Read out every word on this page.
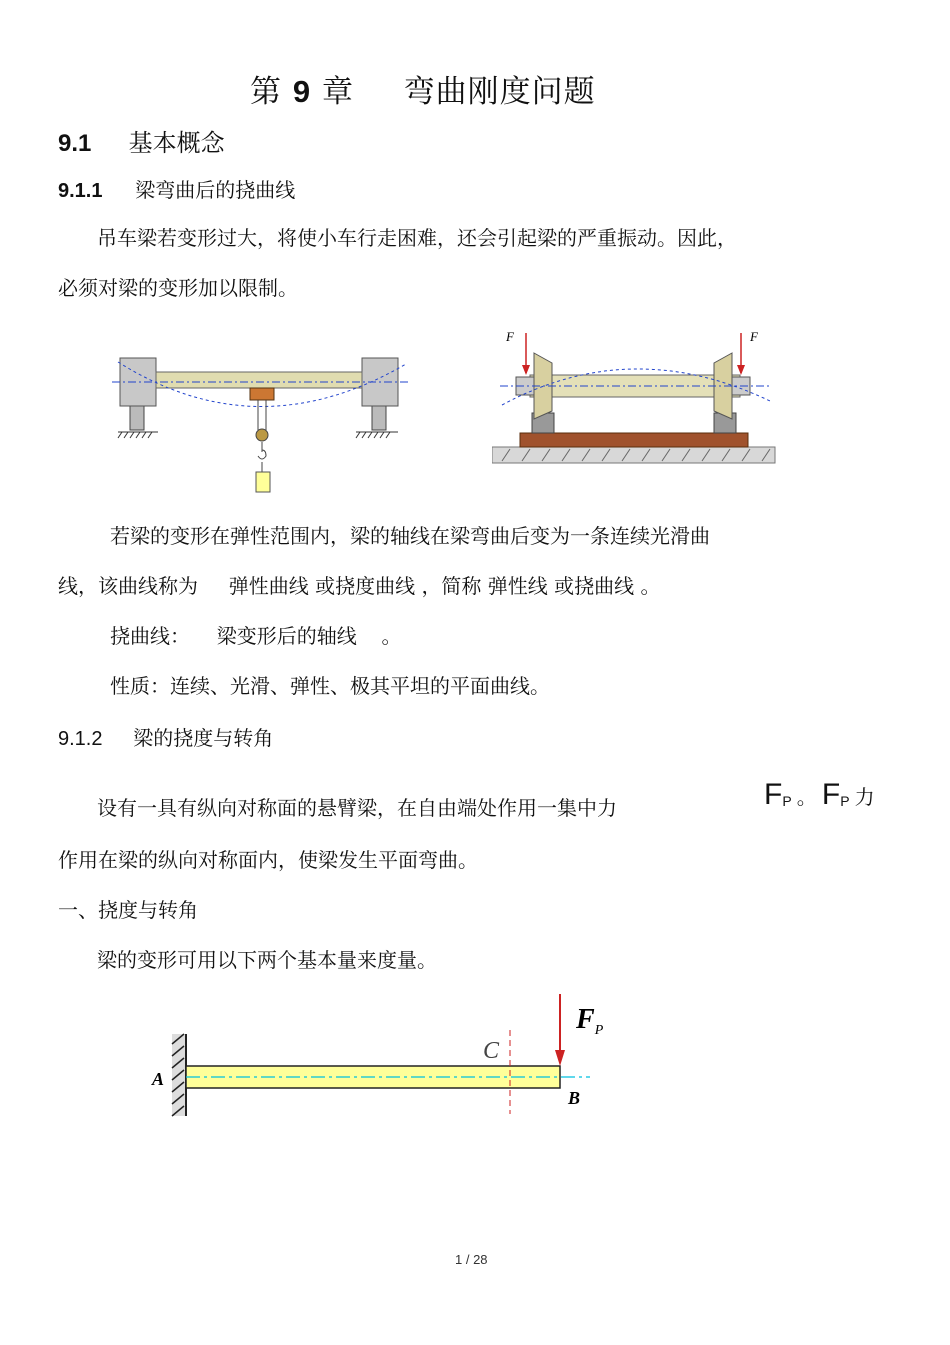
第 9 章 弯曲刚度问题
9.1 基本概念
9.1.1 梁弯曲后的挠曲线
吊车梁若变形过大，将使小车行走困难，还会引起梁的严重振动。因此，
必须对梁的变形加以限制。
F	F
若梁的变形在弹性范围内，梁的轴线在梁弯曲后变为一条连续光滑曲
线，该曲线称为 弹性曲线 或挠度曲线 ，简称 弹性线 或挠曲线 。
挠曲线： 梁变形后的轴线 。
性质：连续、光滑、弹性、极其平坦的平面曲线。
9.1.2 梁的挠度与转角
设有一具有纵向对称面的悬臂梁，在自由端处作用一集中力	$F_P$ 。 $F_P$ 力
作用在梁的纵向对称面内，使梁发生平面弯曲。
一、挠度与转角
梁的变形可用以下两个基本量来度量。
A
B
C
$F_P$
1 / 28
